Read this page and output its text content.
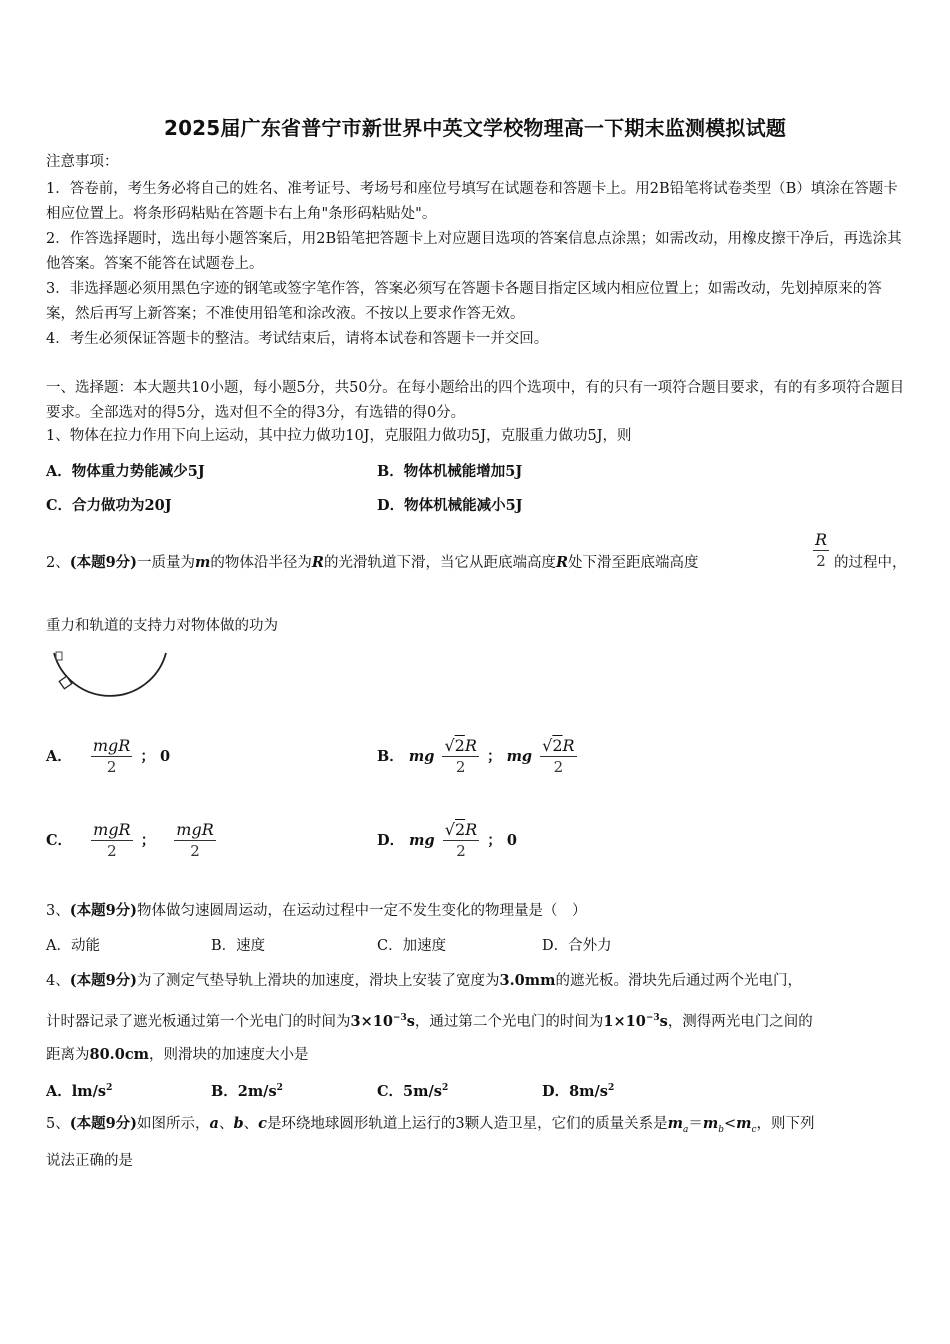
2025届广东省普宁市新世界中英文学校物理高一下期末监测模拟试题
注意事项：
1．答卷前，考生务必将自己的姓名、准考证号、考场号和座位号填写在试题卷和答题卡上。用2B铅笔将试卷类型（B）填涂在答题卡相应位置上。将条形码粘贴在答题卡右上角"条形码粘贴处"。
2．作答选择题时，选出每小题答案后，用2B铅笔把答题卡上对应题目选项的答案信息点涂黑；如需改动，用橡皮擦干净后，再选涂其他答案。答案不能答在试题卷上。
3．非选择题必须用黑色字迹的钢笔或签字笔作答，答案必须写在答题卡各题目指定区域内相应位置上；如需改动，先划掉原来的答案，然后再写上新答案；不准使用铅笔和涂改液。不按以上要求作答无效。
4．考生必须保证答题卡的整洁。考试结束后，请将本试卷和答题卡一并交回。
一、选择题：本大题共10小题，每小题5分，共50分。在每小题给出的四个选项中，有的只有一项符合题目要求，有的有多项符合题目要求。全部选对的得5分，选对但不全的得3分，有选错的得0分。
1、物体在拉力作用下向上运动，其中拉力做功10J，克服阻力做功5J，克服重力做功5J，则
A．物体重力势能减少5J	B．物体机械能增加5J
C．合力做功为20J	D．物体机械能减小5J
2、(本题9分)一质量为m的物体沿半径为R的光滑轨道下滑，当它从距底端高度R处下滑至距底端高度	$\frac{R}{2}$ 的过程中，
重力和轨道的支持力对物体做的功为
A． $\frac{\text{mgR}}{2}$ ； 0	B． mg $\frac{√2R}{2}$ ； mg $\frac{√2R}{2}$
C． $\frac{\text{mgR}}{2}$ ； $\frac{\text{mgR}}{2}$	D． mg $\frac{√2R}{2}$ ； 0
3、(本题9分)物体做匀速圆周运动，在运动过程中一定不发生变化的物理量是（　）
A．动能	B．速度	C．加速度	D．合外力
4、(本题9分)为了测定气垫导轨上滑块的加速度，滑块上安装了宽度为3.0mm的遮光板。滑块先后通过两个光电门，
计时器记录了遮光板通过第一个光电门的时间为$3\times 10^{-3}s$，通过第二个光电门的时间为$1\times 10^{-3}s$，测得两光电门之间的
距离为80.0cm，则滑块的加速度大小是
A．$lm/s^2$	B．$2m/s^2$	C．$5m/s^2$	D．$8m/s^2$
5、(本题9分)如图所示，a、b、c是环绕地球圆形轨道上运行的3颗人造卫星，它们的质量关系是$m_a=m_b<m_c$，则下列
说法正确的是
